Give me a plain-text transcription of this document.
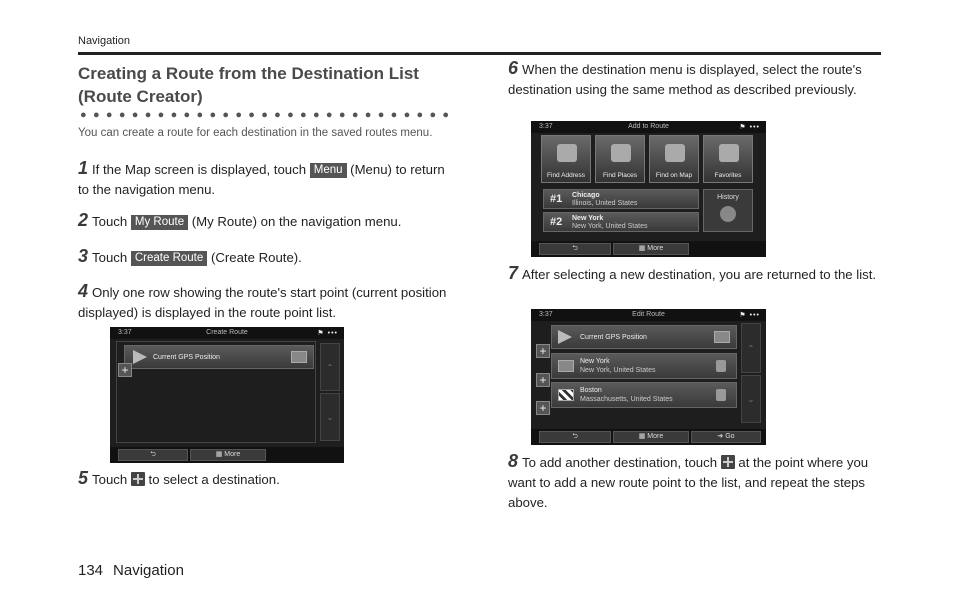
Navigation
Creating a Route from the Destination List (Route Creator)
●●●●●●●●●●●●●●●●●●●●●●●●●●●●●
You can create a route for each destination in the saved routes menu.
1 If the Map screen is displayed, touch Menu (Menu) to return to the navigation menu.
2 Touch My Route (My Route) on the navigation menu.
3 Touch Create Route (Create Route).
4 Only one row showing the route's start point (current position displayed) is displayed in the route point list.
3:37	Create Route	⚑ •••
Current GPS Position
+	⌃
⌄
⮌	▦ More
5 Touch  to select a destination.
6 When the destination menu is displayed, select the route's destination using the same method as described previously.
3:37	Add to Route	⚑ •••
Find Address	Find Places	Find on Map	Favorites
#1 Chicago
Illinois, United States
#2 New York
New York, United States
History
⮌	▦ More
7 After selecting a new destination, you are returned to the list.
3:37	Edit Route	⚑ •••
Current GPS Position
New York
New York, United States
Boston
Massachusetts, United States
+
+
+
⌃
⌄
⮌	▦ More	➔ Go
8 To add another destination, touch  at the point where you want to add a new route point to the list, and repeat the steps above.
134 Navigation
